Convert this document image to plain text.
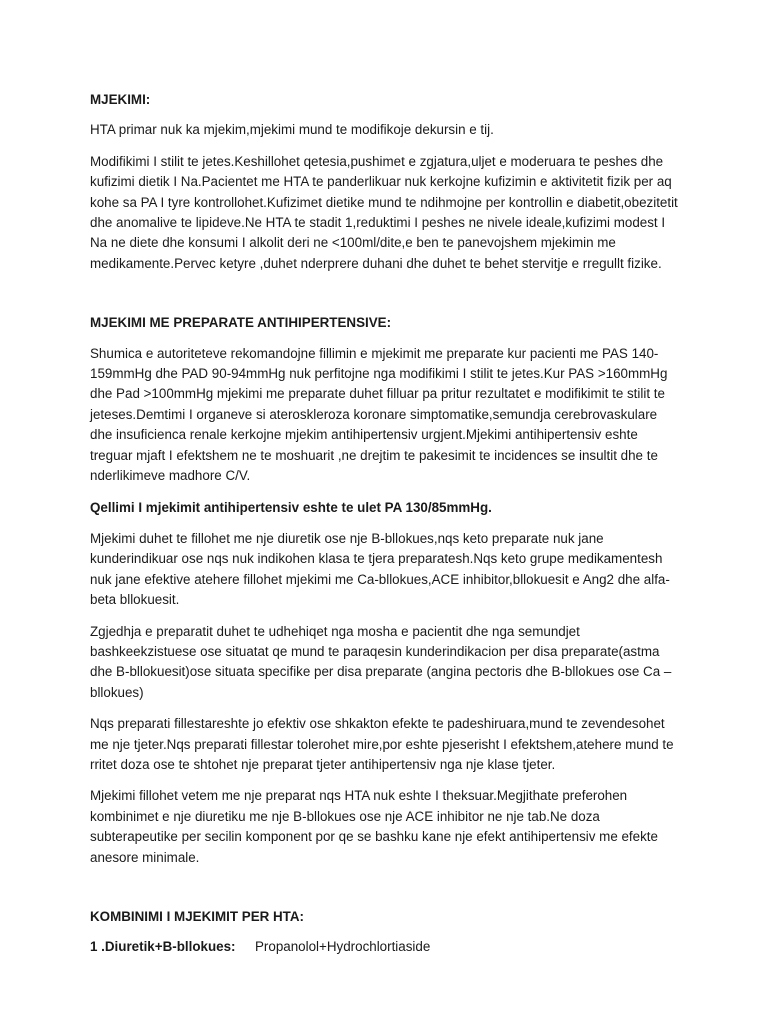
MJEKIMI:

HTA primar nuk ka mjekim,mjekimi mund te modifikoje dekursin e tij.

Modifikimi I stilit te jetes.Keshillohet qetesia,pushimet e zgjatura,uljet e moderuara te peshes dhe kufizimi dietik I Na.Pacientet me HTA te panderlikuar nuk kerkojne kufizimin e aktivitetit fizik per aq kohe sa PA I tyre kontrollohet.Kufizimet dietike mund te ndihmojne per kontrollin e diabetit,obezitetit dhe anomalive te lipideve.Ne HTA te stadit 1,reduktimi I peshes ne nivele ideale,kufizimi modest I Na ne diete dhe konsumi I alkolit deri ne <100ml/dite,e ben te panevojshem mjekimin me medikamente.Pervec ketyre ,duhet nderprere duhani dhe duhet te behet stervitje e rregullt fizike.

MJEKIMI ME PREPARATE ANTIHIPERTENSIVE:

Shumica e autoriteteve rekomandojne fillimin e mjekimit me preparate kur pacienti me PAS 140-159mmHg dhe PAD 90-94mmHg nuk perfitojne nga modifikimi I stilit te jetes.Kur PAS >160mmHg dhe Pad >100mmHg mjekimi me preparate duhet filluar pa pritur rezultatet e modifikimit te stilit te jeteses.Demtimi I organeve si ateroskleroza koronare simptomatike,semundja cerebrovaskulare dhe insuficienca renale kerkojne mjekim antihipertensiv urgjent.Mjekimi antihipertensiv eshte treguar mjaft I efektshem ne te moshuarit ,ne drejtim te pakesimit te incidences se insultit dhe te nderlikimeve madhore C/V.

Qellimi I mjekimit antihipertensiv eshte te ulet PA 130/85mmHg.

Mjekimi duhet te fillohet me nje diuretik ose nje B-bllokues,nqs keto preparate nuk jane kunderindikuar ose nqs nuk indikohen klasa te tjera preparatesh.Nqs keto grupe medikamentesh nuk jane efektive atehere fillohet mjekimi me Ca-bllokues,ACE inhibitor,bllokuesit e Ang2 dhe alfa-beta bllokuesit.

Zgjedhja e preparatit duhet te udhehiqet nga mosha e pacientit dhe nga semundjet bashkeekzistuese ose situatat qe mund te paraqesin kunderindikacion per disa preparate(astma dhe B-bllokuesit)ose situata specifike per disa preparate (angina pectoris dhe B-bllokues ose Ca –bllokues)

Nqs preparati fillestareshte jo efektiv ose shkakton efekte te padeshiruara,mund te zevendesohet me nje tjeter.Nqs preparati fillestar tolerohet mire,por eshte pjeserisht I efektshem,atehere mund te rritet doza ose te shtohet nje preparat tjeter antihipertensiv nga nje klase tjeter.

Mjekimi fillohet vetem me nje preparat nqs HTA nuk eshte I theksuar.Megjithate preferohen kombinimet e nje diuretiku me nje B-bllokues ose nje ACE inhibitor ne nje tab.Ne doza subterapeutike per secilin komponent por qe se bashku kane nje efekt antihipertensiv me efekte anesore minimale.

KOMBINIMI I MJEKIMIT PER HTA:
1 .Diuretik+B-bllokues:	Propanolol+Hydrochlortiaside
